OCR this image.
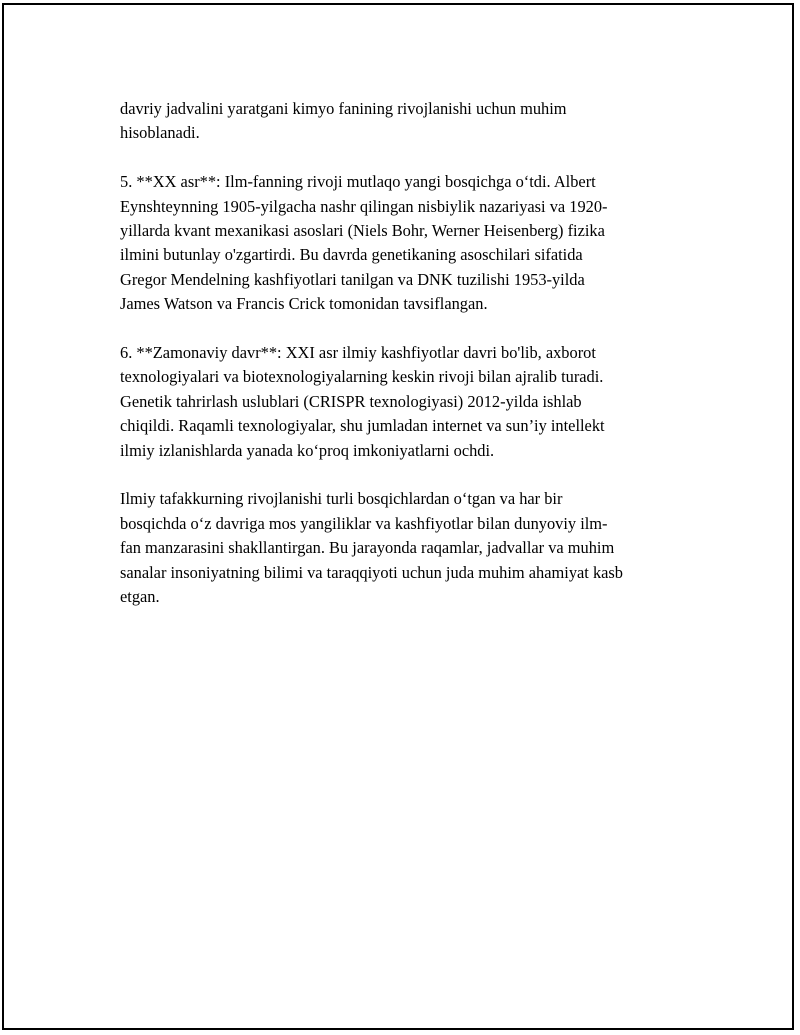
davriy jadvalini yaratgani kimyo fanining rivojlanishi uchun muhim
hisoblanadi.

5. **XX asr**: Ilm-fanning rivoji mutlaqo yangi bosqichga o‘tdi. Albert
Eynshteynning 1905-yilgacha nashr qilingan nisbiylik nazariyasi va 1920-
yillarda kvant mexanikasi asoslari (Niels Bohr, Werner Heisenberg) fizika
ilmini butunlay o'zgartirdi. Bu davrda genetikaning asoschilari sifatida
Gregor Mendelning kashfiyotlari tanilgan va DNK tuzilishi 1953-yilda
James Watson va Francis Crick tomonidan tavsiflangan.

6. **Zamonaviy davr**: XXI asr ilmiy kashfiyotlar davri bo'lib, axborot
texnologiyalari va biotexnologiyalarning keskin rivoji bilan ajralib turadi.
Genetik tahrirlash uslublari (CRISPR texnologiyasi) 2012-yilda ishlab
chiqildi. Raqamli texnologiyalar, shu jumladan internet va sun’iy intellekt
ilmiy izlanishlarda yanada ko‘proq imkoniyatlarni ochdi.

Ilmiy tafakkurning rivojlanishi turli bosqichlardan o‘tgan va har bir
bosqichda o‘z davriga mos yangiliklar va kashfiyotlar bilan dunyoviy ilm-
fan manzarasini shakllantirgan. Bu jarayonda raqamlar, jadvallar va muhim
sanalar insoniyatning bilimi va taraqqiyoti uchun juda muhim ahamiyat kasb
etgan.
